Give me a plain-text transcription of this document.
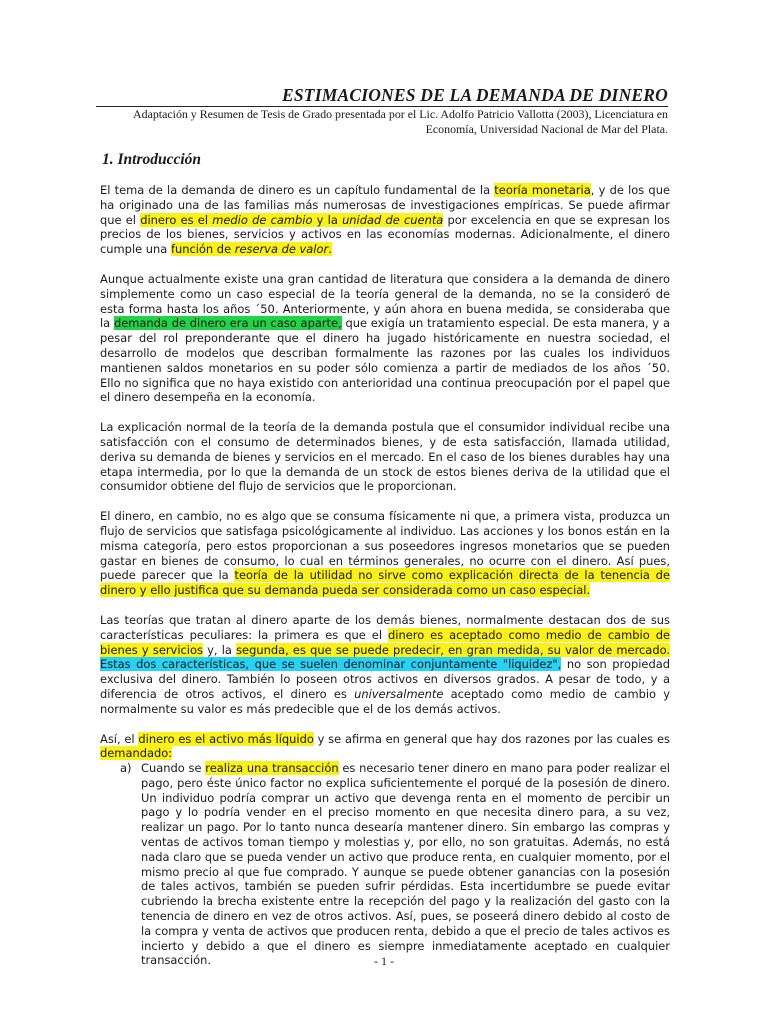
ESTIMACIONES DE LA DEMANDA DE DINERO
Adaptación y Resumen de Tesis de Grado presentada por el Lic. Adolfo Patricio Vallotta (2003), Licenciatura en
Economía, Universidad Nacional de Mar del Plata.
1. Introducción

El tema de la demanda de dinero es un capítulo fundamental de la teoría monetaria, y de los que ha originado una de las familias más numerosas de investigaciones empíricas. Se puede afirmar que el dinero es el medio de cambio y la unidad de cuenta por excelencia en que se expresan los precios de los bienes, servicios y activos en las economías modernas. Adicionalmente, el dinero cumple una función de reserva de valor.

Aunque actualmente existe una gran cantidad de literatura que considera a la demanda de dinero simplemente como un caso especial de la teoría general de la demanda, no se la consideró de esta forma hasta los años ´50. Anteriormente, y aún ahora en buena medida, se consideraba que la demanda de dinero era un caso aparte, que exigía un tratamiento especial. De esta manera, y a pesar del rol preponderante que el dinero ha jugado históricamente en nuestra sociedad, el desarrollo de modelos que describan formalmente las razones por las cuales los individuos mantienen saldos monetarios en su poder sólo comienza a partir de mediados de los años ´50. Ello no significa que no haya existido con anterioridad una continua preocupación por el papel que el dinero desempeña en la economía.

La explicación normal de la teoría de la demanda postula que el consumidor individual recibe una satisfacción con el consumo de determinados bienes, y de esta satisfacción, llamada utilidad, deriva su demanda de bienes y servicios en el mercado. En el caso de los bienes durables hay una etapa intermedia, por lo que la demanda de un stock de estos bienes deriva de la utilidad que el consumidor obtiene del flujo de servicios que le proporcionan.

El dinero, en cambio, no es algo que se consuma físicamente ni que, a primera vista, produzca un flujo de servicios que satisfaga psicológicamente al individuo. Las acciones y los bonos están en la misma categoría, pero estos proporcionan a sus poseedores ingresos monetarios que se pueden gastar en bienes de consumo, lo cual en términos generales, no ocurre con el dinero. Así pues, puede parecer que la teoría de la utilidad no sirve como explicación directa de la tenencia de dinero y ello justifica que su demanda pueda ser considerada como un caso especial.

Las teorías que tratan al dinero aparte de los demás bienes, normalmente destacan dos de sus características peculiares: la primera es que el dinero es aceptado como medio de cambio de bienes y servicios y, la segunda, es que se puede predecir, en gran medida, su valor de mercado. Estas dos características, que se suelen denominar conjuntamente "liquidez", no son propiedad exclusiva del dinero. También lo poseen otros activos en diversos grados. A pesar de todo, y a diferencia de otros activos, el dinero es universalmente aceptado como medio de cambio y normalmente su valor es más predecible que el de los demás activos.

Así, el dinero es el activo más líquido y se afirma en general que hay dos razones por las cuales es demandado:

a) Cuando se realiza una transacción es necesario tener dinero en mano para poder realizar el pago, pero éste único factor no explica suficientemente el porqué de la posesión de dinero. Un individuo podría comprar un activo que devenga renta en el momento de percibir un pago y lo podría vender en el preciso momento en que necesita dinero para, a su vez, realizar un pago. Por lo tanto nunca desearía mantener dinero. Sin embargo las compras y ventas de activos toman tiempo y molestias y, por ello, no son gratuitas. Además, no está nada claro que se pueda vender un activo que produce renta, en cualquier momento, por el mismo precio al que fue comprado. Y aunque se puede obtener ganancias con la posesión de tales activos, también se pueden sufrir pérdidas. Esta incertidumbre se puede evitar cubriendo la brecha existente entre la recepción del pago y la realización del gasto con la tenencia de dinero en vez de otros activos. Así, pues, se poseerá dinero debido al costo de la compra y venta de activos que producen renta, debido a que el precio de tales activos es incierto y debido a que el dinero es siempre inmediatamente aceptado en cualquier transacción.	- 1 -
